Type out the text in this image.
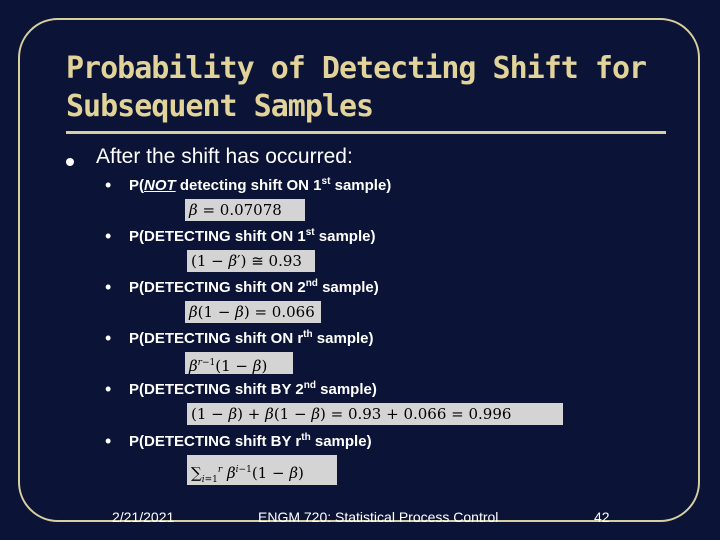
Probability of Detecting Shift for Subsequent Samples
After the shift has occurred:
• P(NOT detecting shift ON 1st sample)
β = 0.07078
• P(DETECTING shift ON 1st sample)
(1 − β′) ≅ 0.93
• P(DETECTING shift ON 2nd sample)
β(1 − β) = 0.066
• P(DETECTING shift ON $r^{th}$ sample)
$\beta^{r-1}(1 - \beta)$
• P(DETECTING shift BY 2nd sample)
(1 − β) + β(1 − β) = 0.93 + 0.066 = 0.996
• P(DETECTING shift BY $r^{th}$ sample)
$\sum_{i=1}^r$ $\beta^{i-1}(1 - \beta)$
2/21/2021	ENGM 720: Statistical Process Control	42
